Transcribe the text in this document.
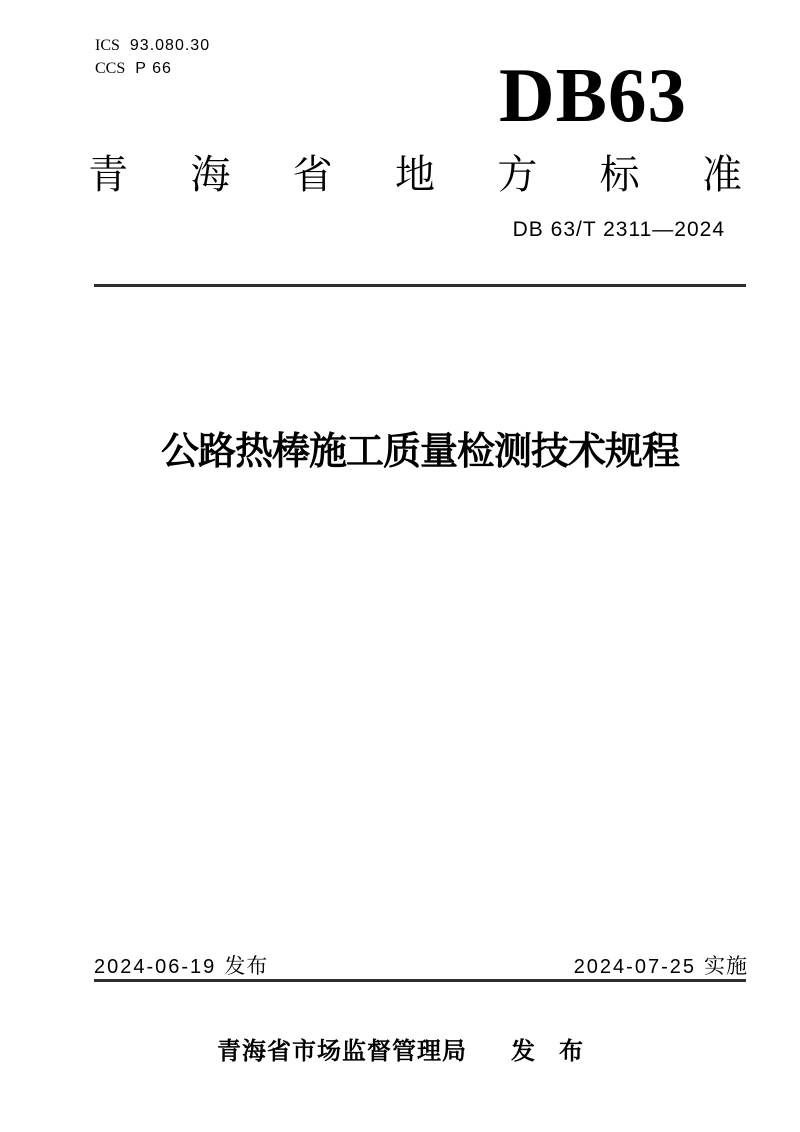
ICS 93.080.30
CCS P 66	DB63
青 海 省 地 方 标 准
DB 63/T 2311—2024
公路热棒施工质量检测技术规程
2024-06-19 发布	2024-07-25 实施
青海省市场监督管理局 发布
